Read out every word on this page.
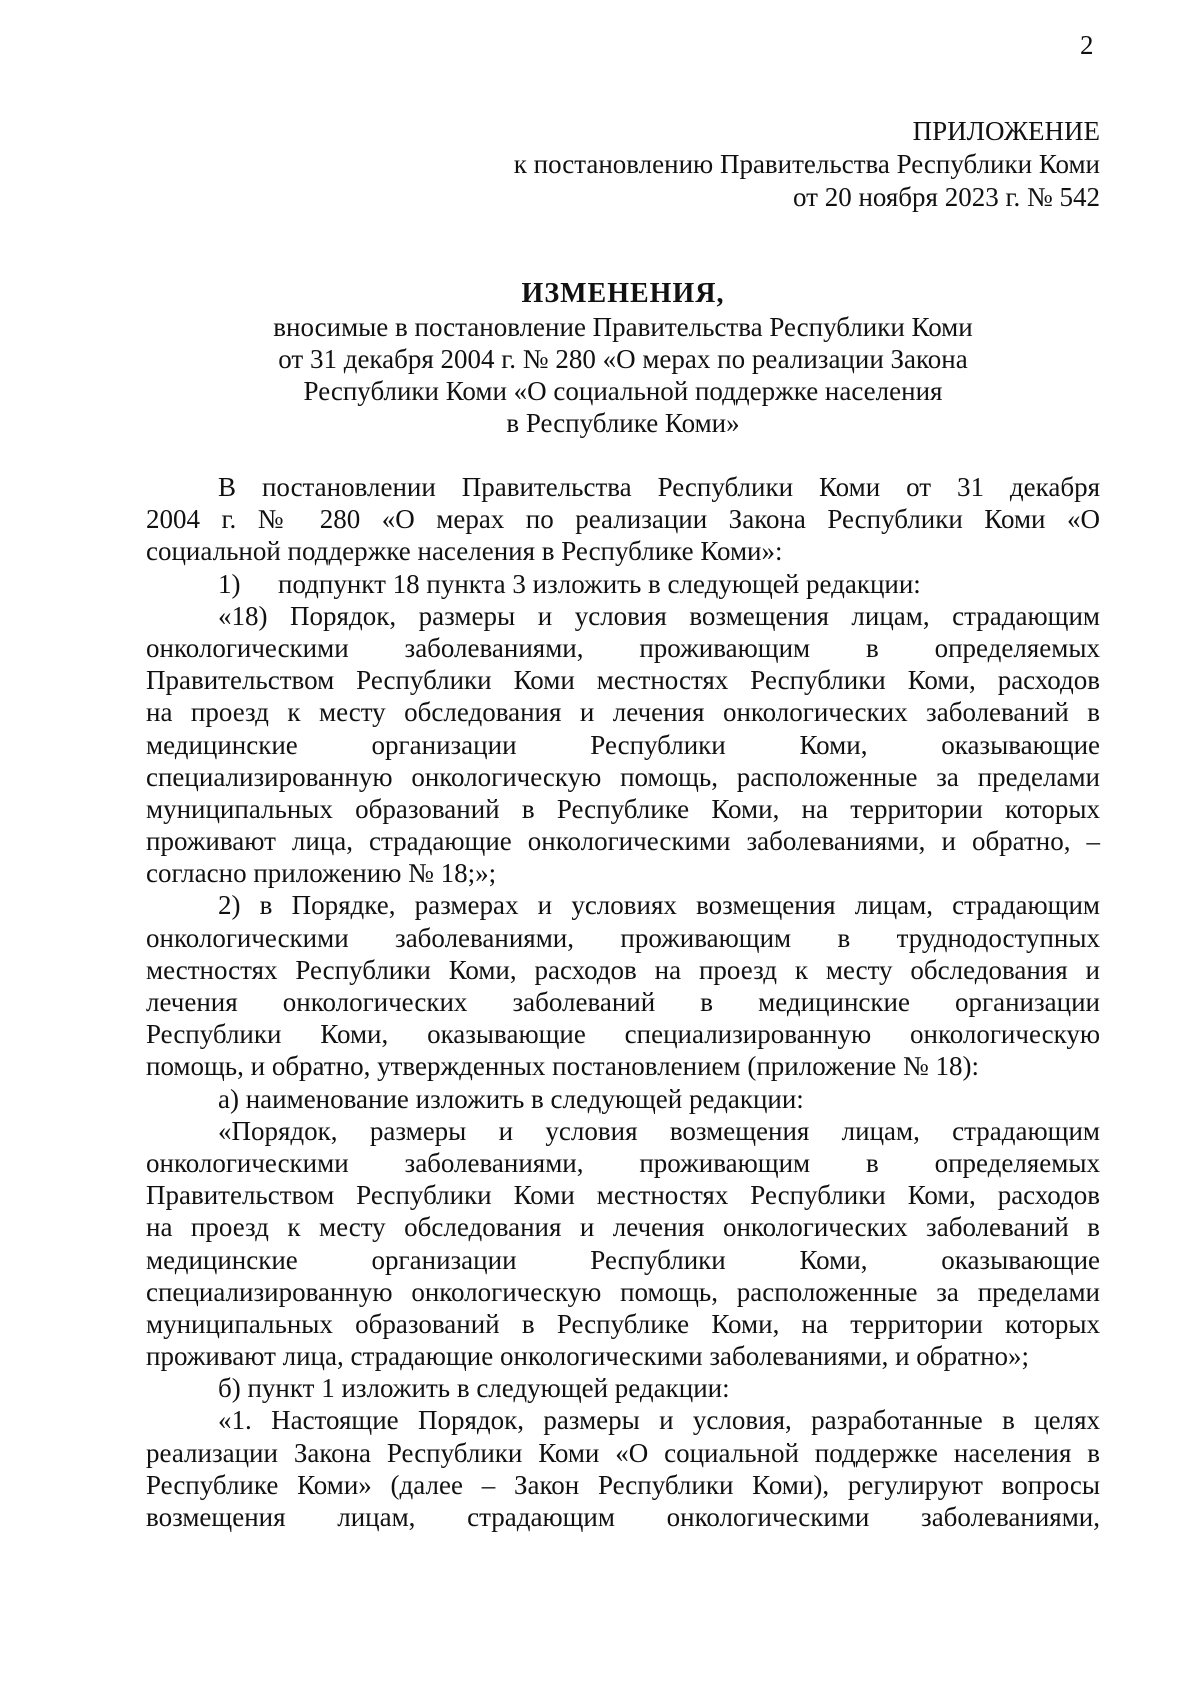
2
ПРИЛОЖЕНИЕ
к постановлению Правительства Республики Коми
от 20 ноября 2023 г. № 542
ИЗМЕНЕНИЯ,
вносимые в постановление Правительства Республики Коми
от 31 декабря 2004 г. № 280 «О мерах по реализации Закона
Республики Коми «О социальной поддержке населения
в Республике Коми»
В постановлении Правительства Республики Коми от 31 декабря
2004 г. № 280 «О мерах по реализации Закона Республики Коми «О
социальной поддержке населения в Республике Коми»:
1) подпункт 18 пункта 3 изложить в следующей редакции:
«18) Порядок, размеры и условия возмещения лицам, страдающим
онкологическими заболеваниями, проживающим в определяемых
Правительством Республики Коми местностях Республики Коми, расходов
на проезд к месту обследования и лечения онкологических заболеваний в
медицинские организации Республики Коми, оказывающие
специализированную онкологическую помощь, расположенные за пределами
муниципальных образований в Республике Коми, на территории которых
проживают лица, страдающие онкологическими заболеваниями, и обратно, –
согласно приложению № 18;»;
2) в Порядке, размерах и условиях возмещения лицам, страдающим
онкологическими заболеваниями, проживающим в труднодоступных
местностях Республики Коми, расходов на проезд к месту обследования и
лечения онкологических заболеваний в медицинские организации
Республики Коми, оказывающие специализированную онкологическую
помощь, и обратно, утвержденных постановлением (приложение № 18):
а) наименование изложить в следующей редакции:
«Порядок, размеры и условия возмещения лицам, страдающим
онкологическими заболеваниями, проживающим в определяемых
Правительством Республики Коми местностях Республики Коми, расходов
на проезд к месту обследования и лечения онкологических заболеваний в
медицинские организации Республики Коми, оказывающие
специализированную онкологическую помощь, расположенные за пределами
муниципальных образований в Республике Коми, на территории которых
проживают лица, страдающие онкологическими заболеваниями, и обратно»;
б) пункт 1 изложить в следующей редакции:
«1. Настоящие Порядок, размеры и условия, разработанные в целях
реализации Закона Республики Коми «О социальной поддержке населения в
Республике Коми» (далее – Закон Республики Коми), регулируют вопросы
возмещения лицам, страдающим онкологическими заболеваниями,
